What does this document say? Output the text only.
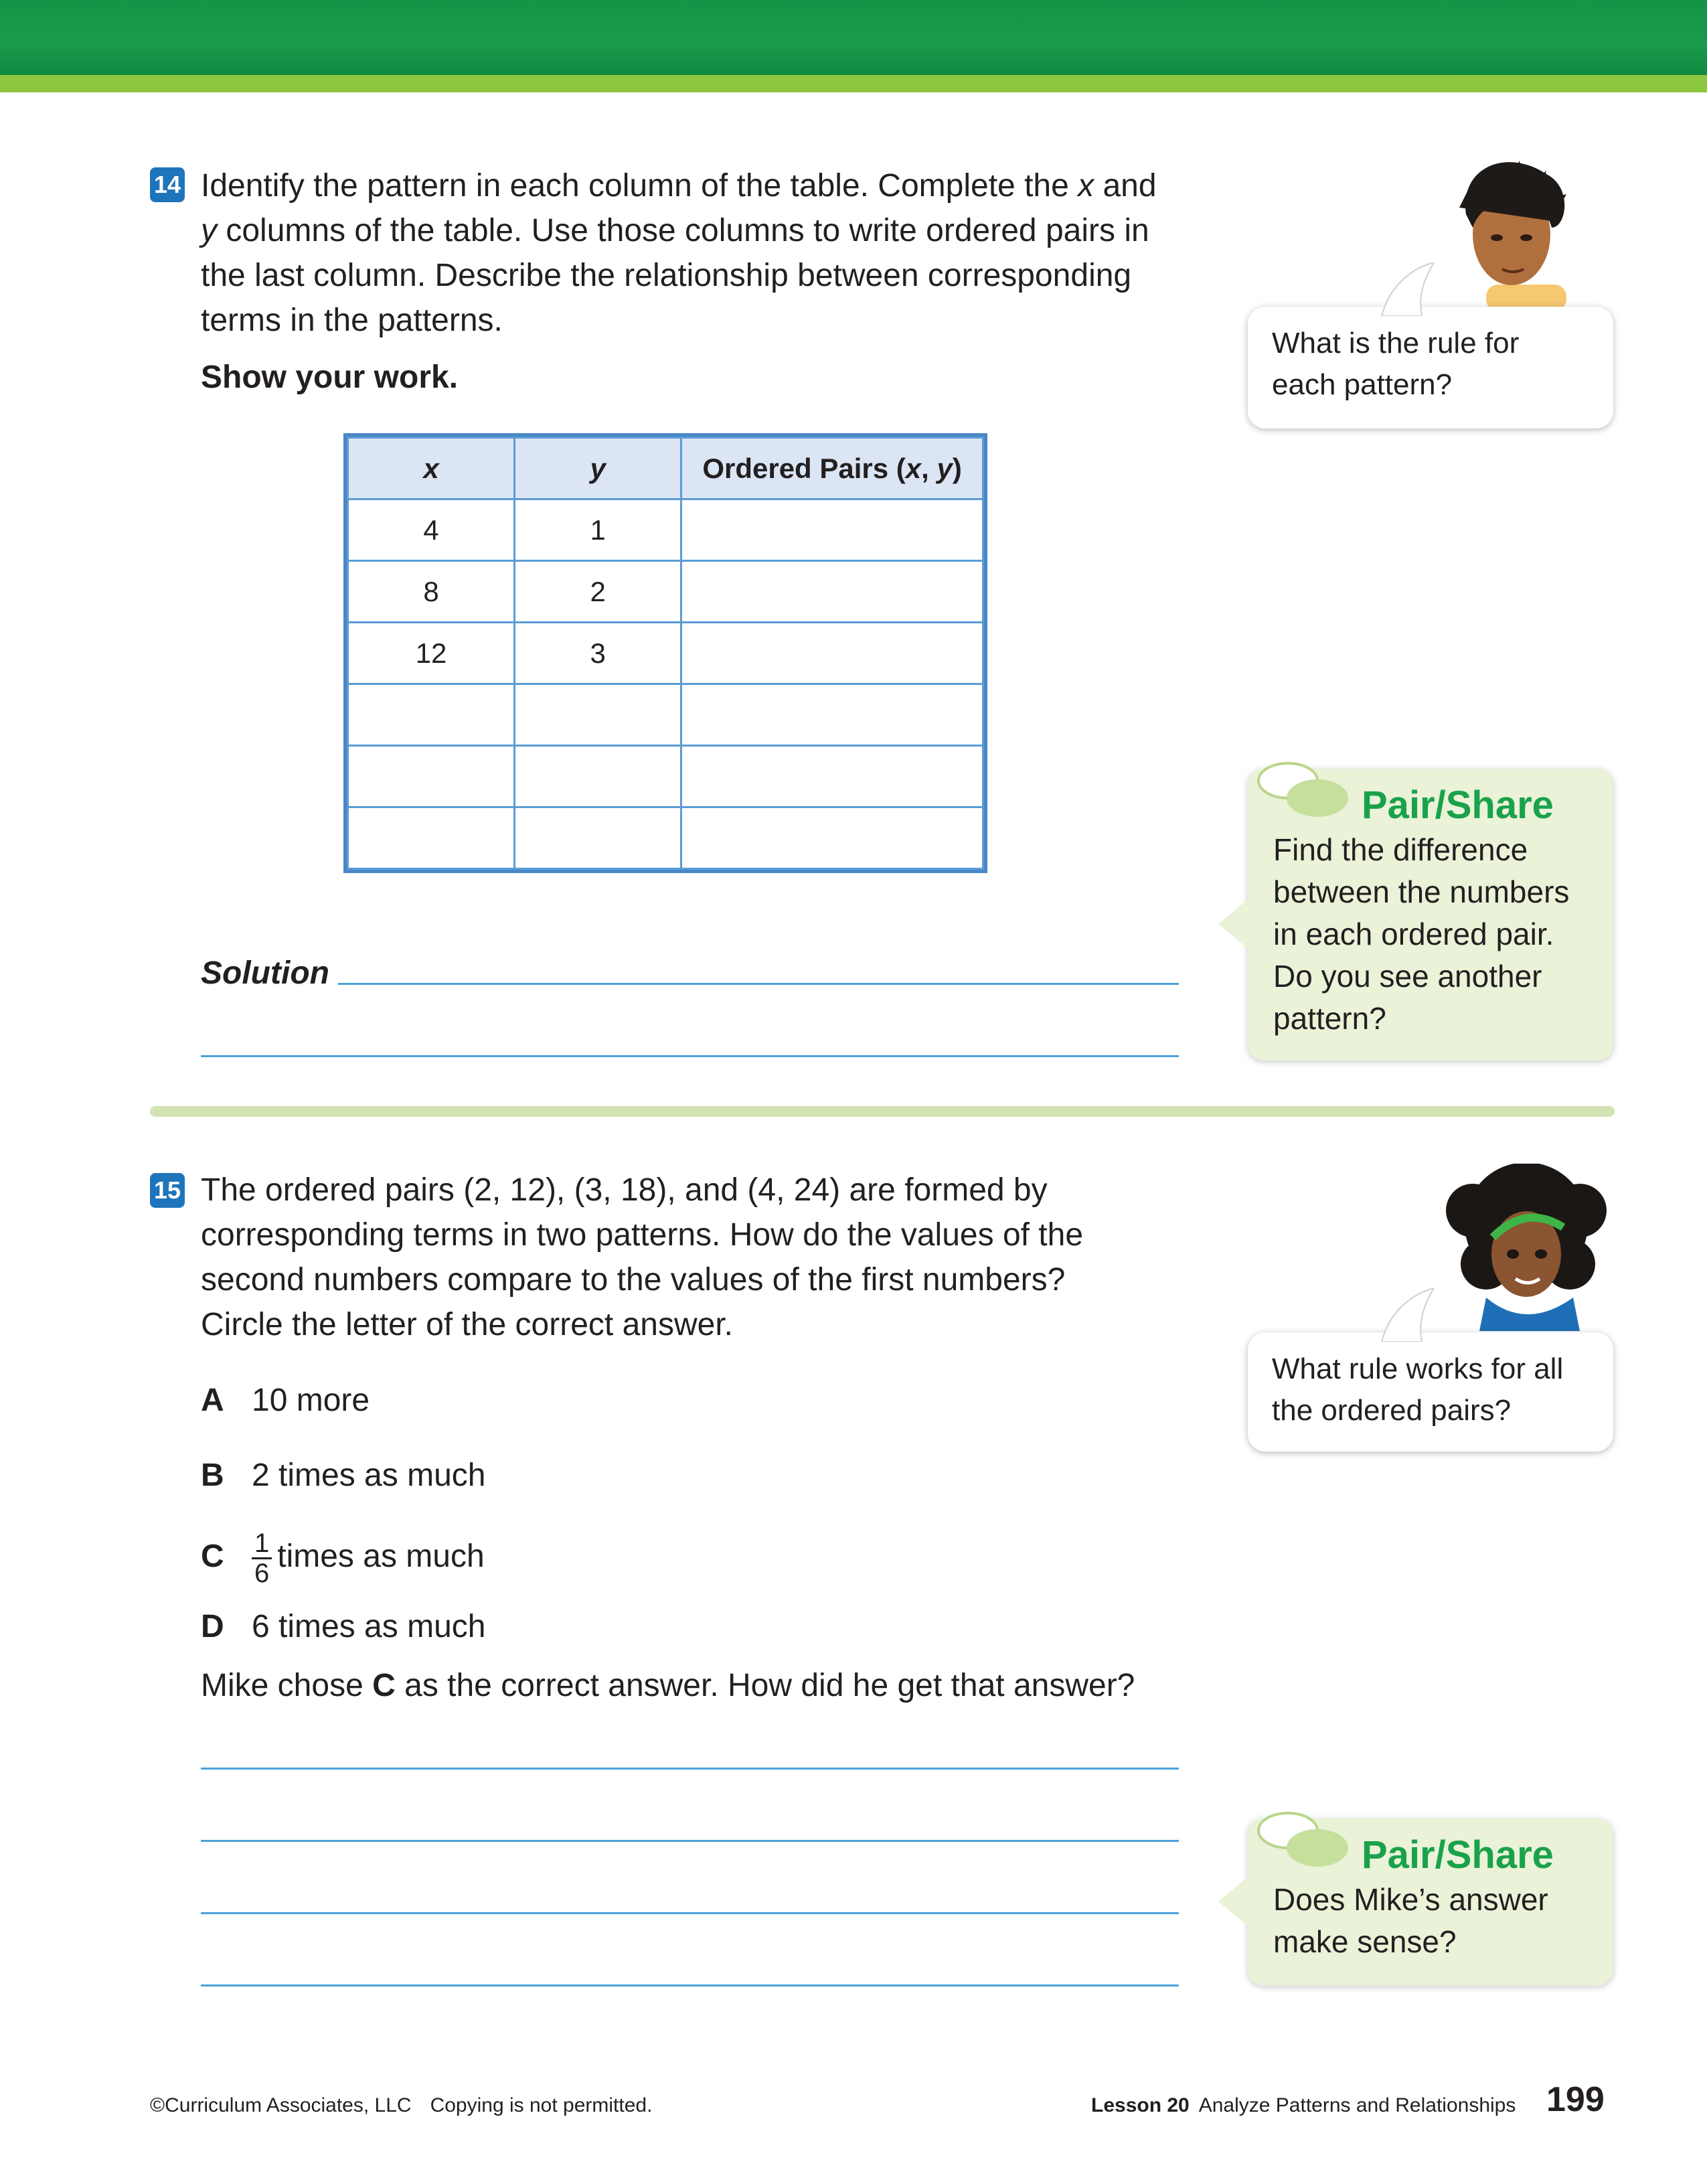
14 Identify the pattern in each column of the table. Complete the x and
y columns of the table. Use those columns to write ordered pairs in
the last column. Describe the relationship between corresponding
terms in the patterns.
Show your work.
x	y	Ordered Pairs (x, y)
4	1	
8	2	
12	3	

Solution
What is the rule for each pattern?
Pair/Share
Find the difference between the numbers in each ordered pair. Do you see another pattern?
15 The ordered pairs (2, 12), (3, 18), and (4, 24) are formed by
corresponding terms in two patterns. How do the values of the
second numbers compare to the values of the first numbers?
Circle the letter of the correct answer.
A 10 more
B 2 times as much
C $\frac{1}{6}$ times as much
D 6 times as much
Mike chose C as the correct answer. How did he get that answer?
What rule works for all the ordered pairs?
Pair/Share
Does Mike’s answer make sense?
©Curriculum Associates, LLC Copying is not permitted.	Lesson 20 Analyze Patterns and Relationships 199
